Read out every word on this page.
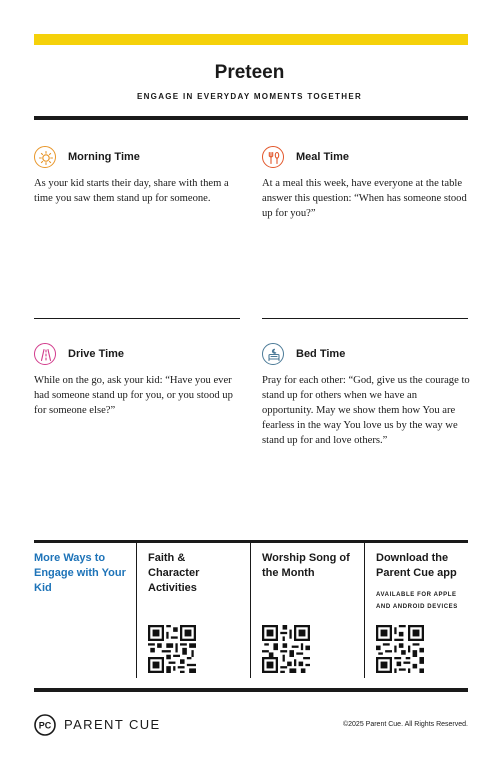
Preteen
ENGAGE IN EVERYDAY MOMENTS TOGETHER
Morning Time
As your kid starts their day, share with them a time you saw them stand up for someone.
Meal Time
At a meal this week, have everyone at the table answer this question: “When has someone stood up for you?”
Drive Time
While on the go, ask your kid: “Have you ever had someone stand up for you, or you stood up for someone else?”
Bed Time
Pray for each other: “God, give us the courage to stand up for others when we have an opportunity. May we show them how You are fearless in the way You love us by the way we stand up for and love others.”
More Ways to Engage with Your Kid
Faith & Character Activities
Worship Song of the Month
Download the Parent Cue app
AVAILABLE FOR APPLE AND ANDROID DEVICES
PC PARENT CUE	©2025 Parent Cue. All Rights Reserved.
